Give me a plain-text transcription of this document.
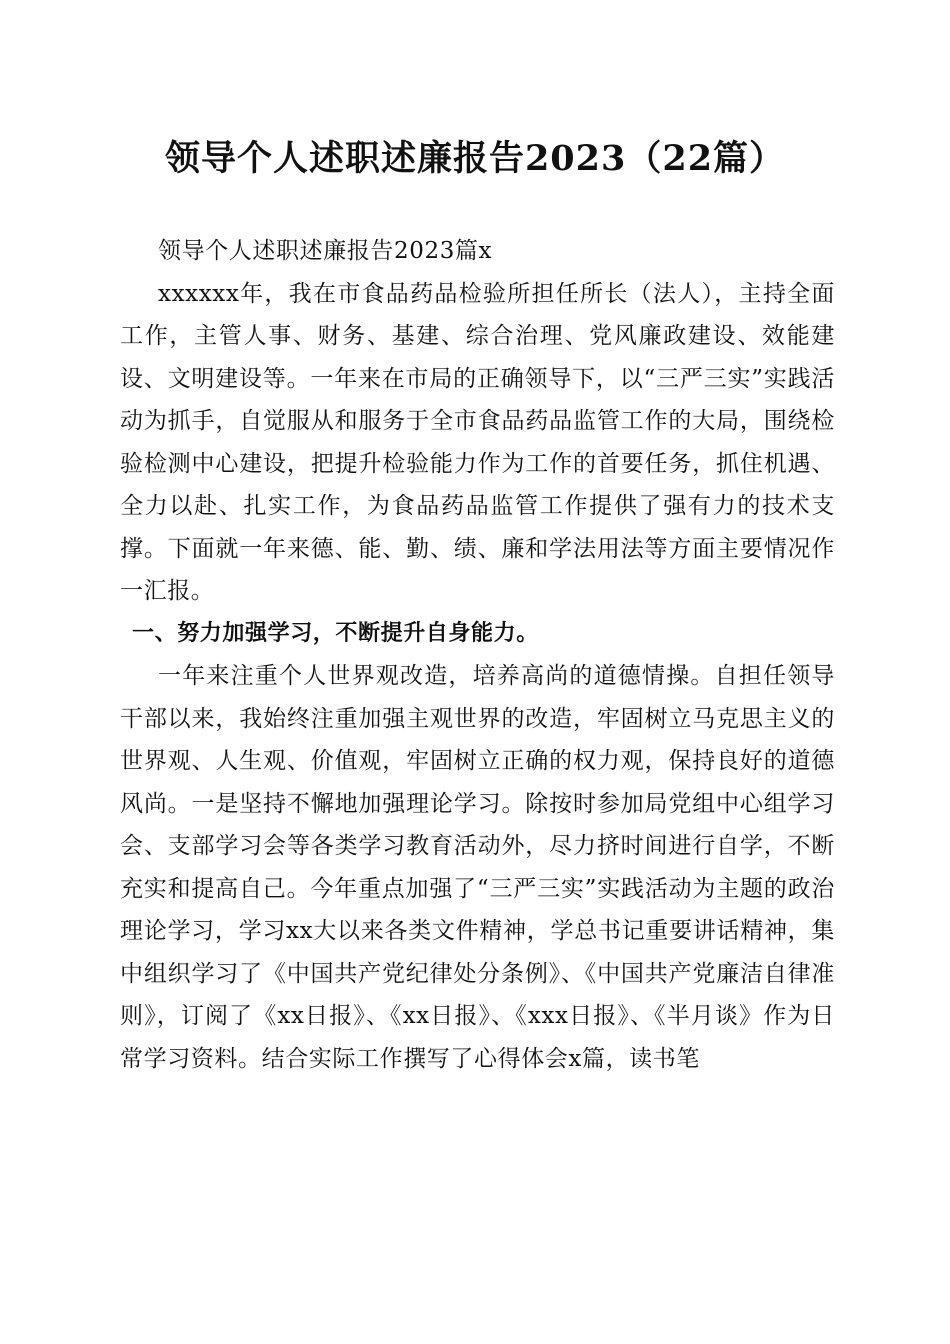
领导个人述职述廉报告2023（22篇）

领导个人述职述廉报告2023篇x

xxxxxx年，我在市食品药品检验所担任所长（法人），主持全面工作，主管人事、财务、基建、综合治理、党风廉政建设、效能建设、文明建设等。一年来在市局的正确领导下，以“三严三实”实践活动为抓手，自觉服从和服务于全市食品药品监管工作的大局，围绕检验检测中心建设，把提升检验能力作为工作的首要任务，抓住机遇、全力以赴、扎实工作，为食品药品监管工作提供了强有力的技术支撑。下面就一年来德、能、勤、绩、廉和学法用法等方面主要情况作一汇报。

一、努力加强学习，不断提升自身能力。

一年来注重个人世界观改造，培养高尚的道德情操。自担任领导干部以来，我始终注重加强主观世界的改造，牢固树立马克思主义的世界观、人生观、价值观，牢固树立正确的权力观，保持良好的道德风尚。一是坚持不懈地加强理论学习。除按时参加局党组中心组学习会、支部学习会等各类学习教育活动外，尽力挤时间进行自学，不断充实和提高自己。今年重点加强了“三严三实”实践活动为主题的政治理论学习，学习xx大以来各类文件精神，学总书记重要讲话精神，集中组织学习了《中国共产党纪律处分条例》、《中国共产党廉洁自律准则》，订阅了《xx日报》、《xx日报》、《xxx日报》、《半月谈》作为日常学习资料。结合实际工作撰写了心得体会x篇，读书笔
